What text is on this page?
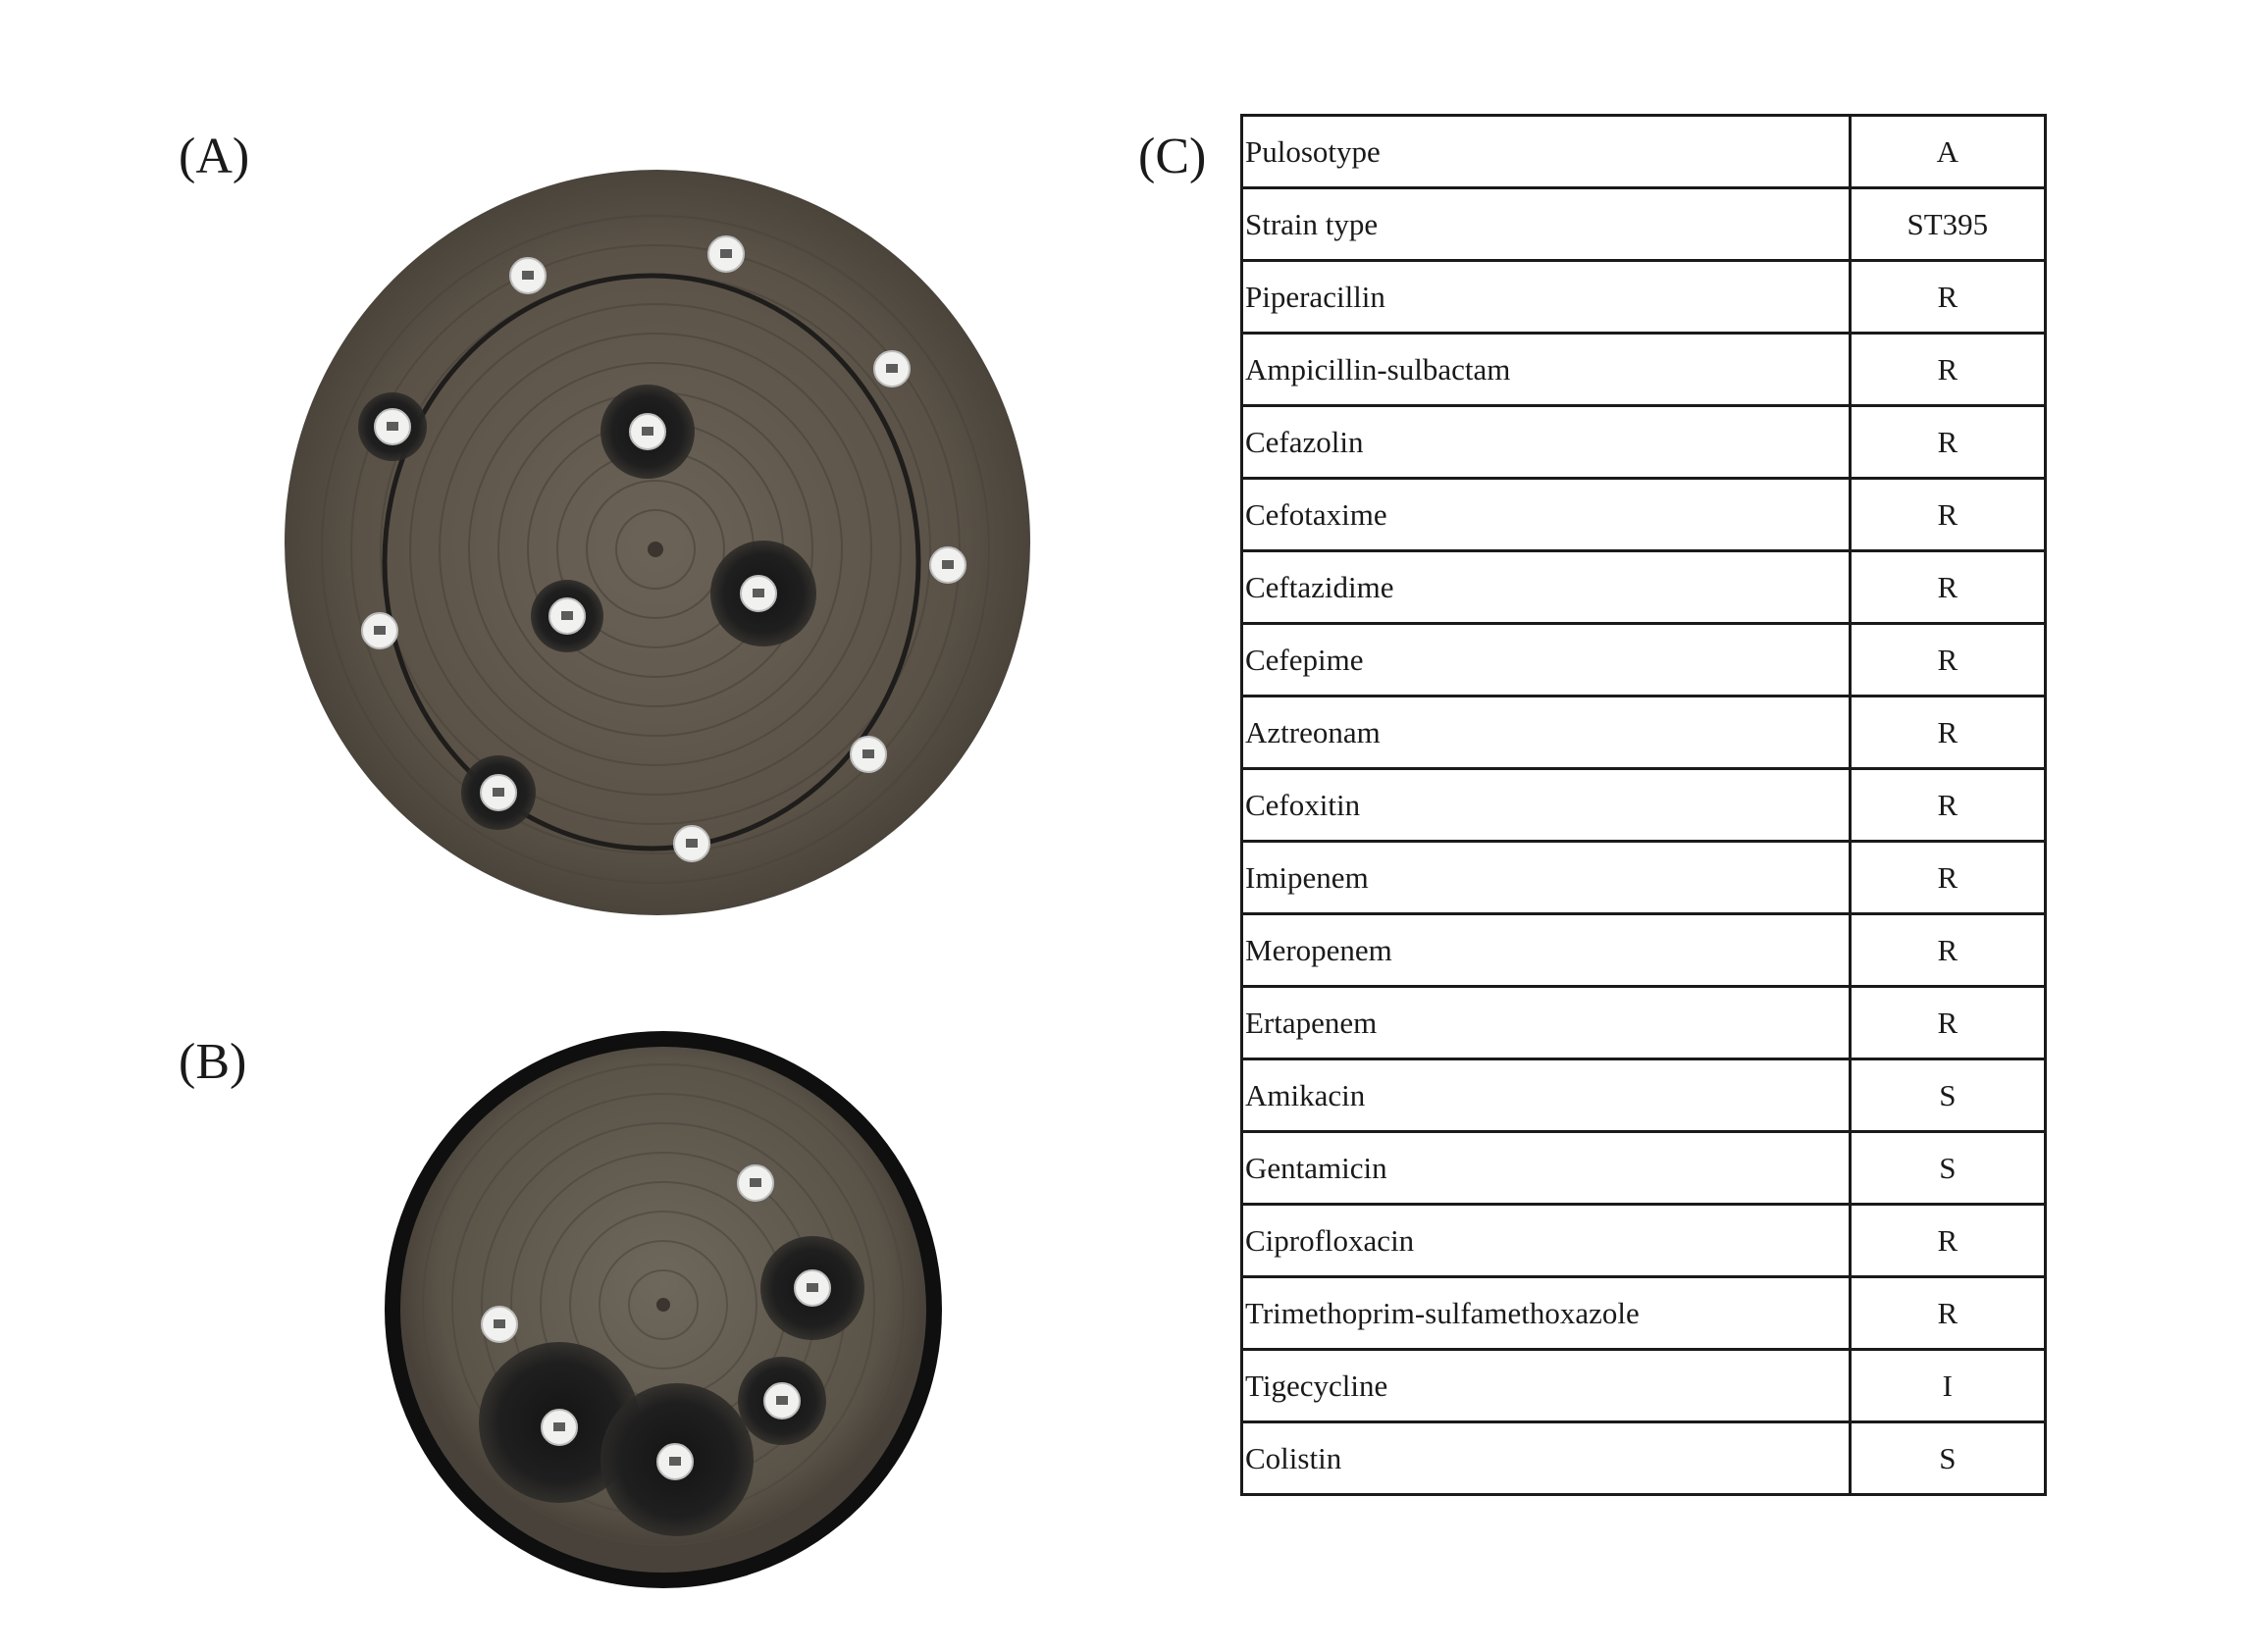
(A)
(B)
(C) Pulosotype	A
Strain type	ST395
Piperacillin	R
Ampicillin-sulbactam	R
Cefazolin	R
Cefotaxime	R
Ceftazidime	R
Cefepime	R
Aztreonam	R
Cefoxitin	R
Imipenem	R
Meropenem	R
Ertapenem	R
Amikacin	S
Gentamicin	S
Ciprofloxacin	R
Trimethoprim-sulfamethoxazole	R
Tigecycline	I
Colistin	S
